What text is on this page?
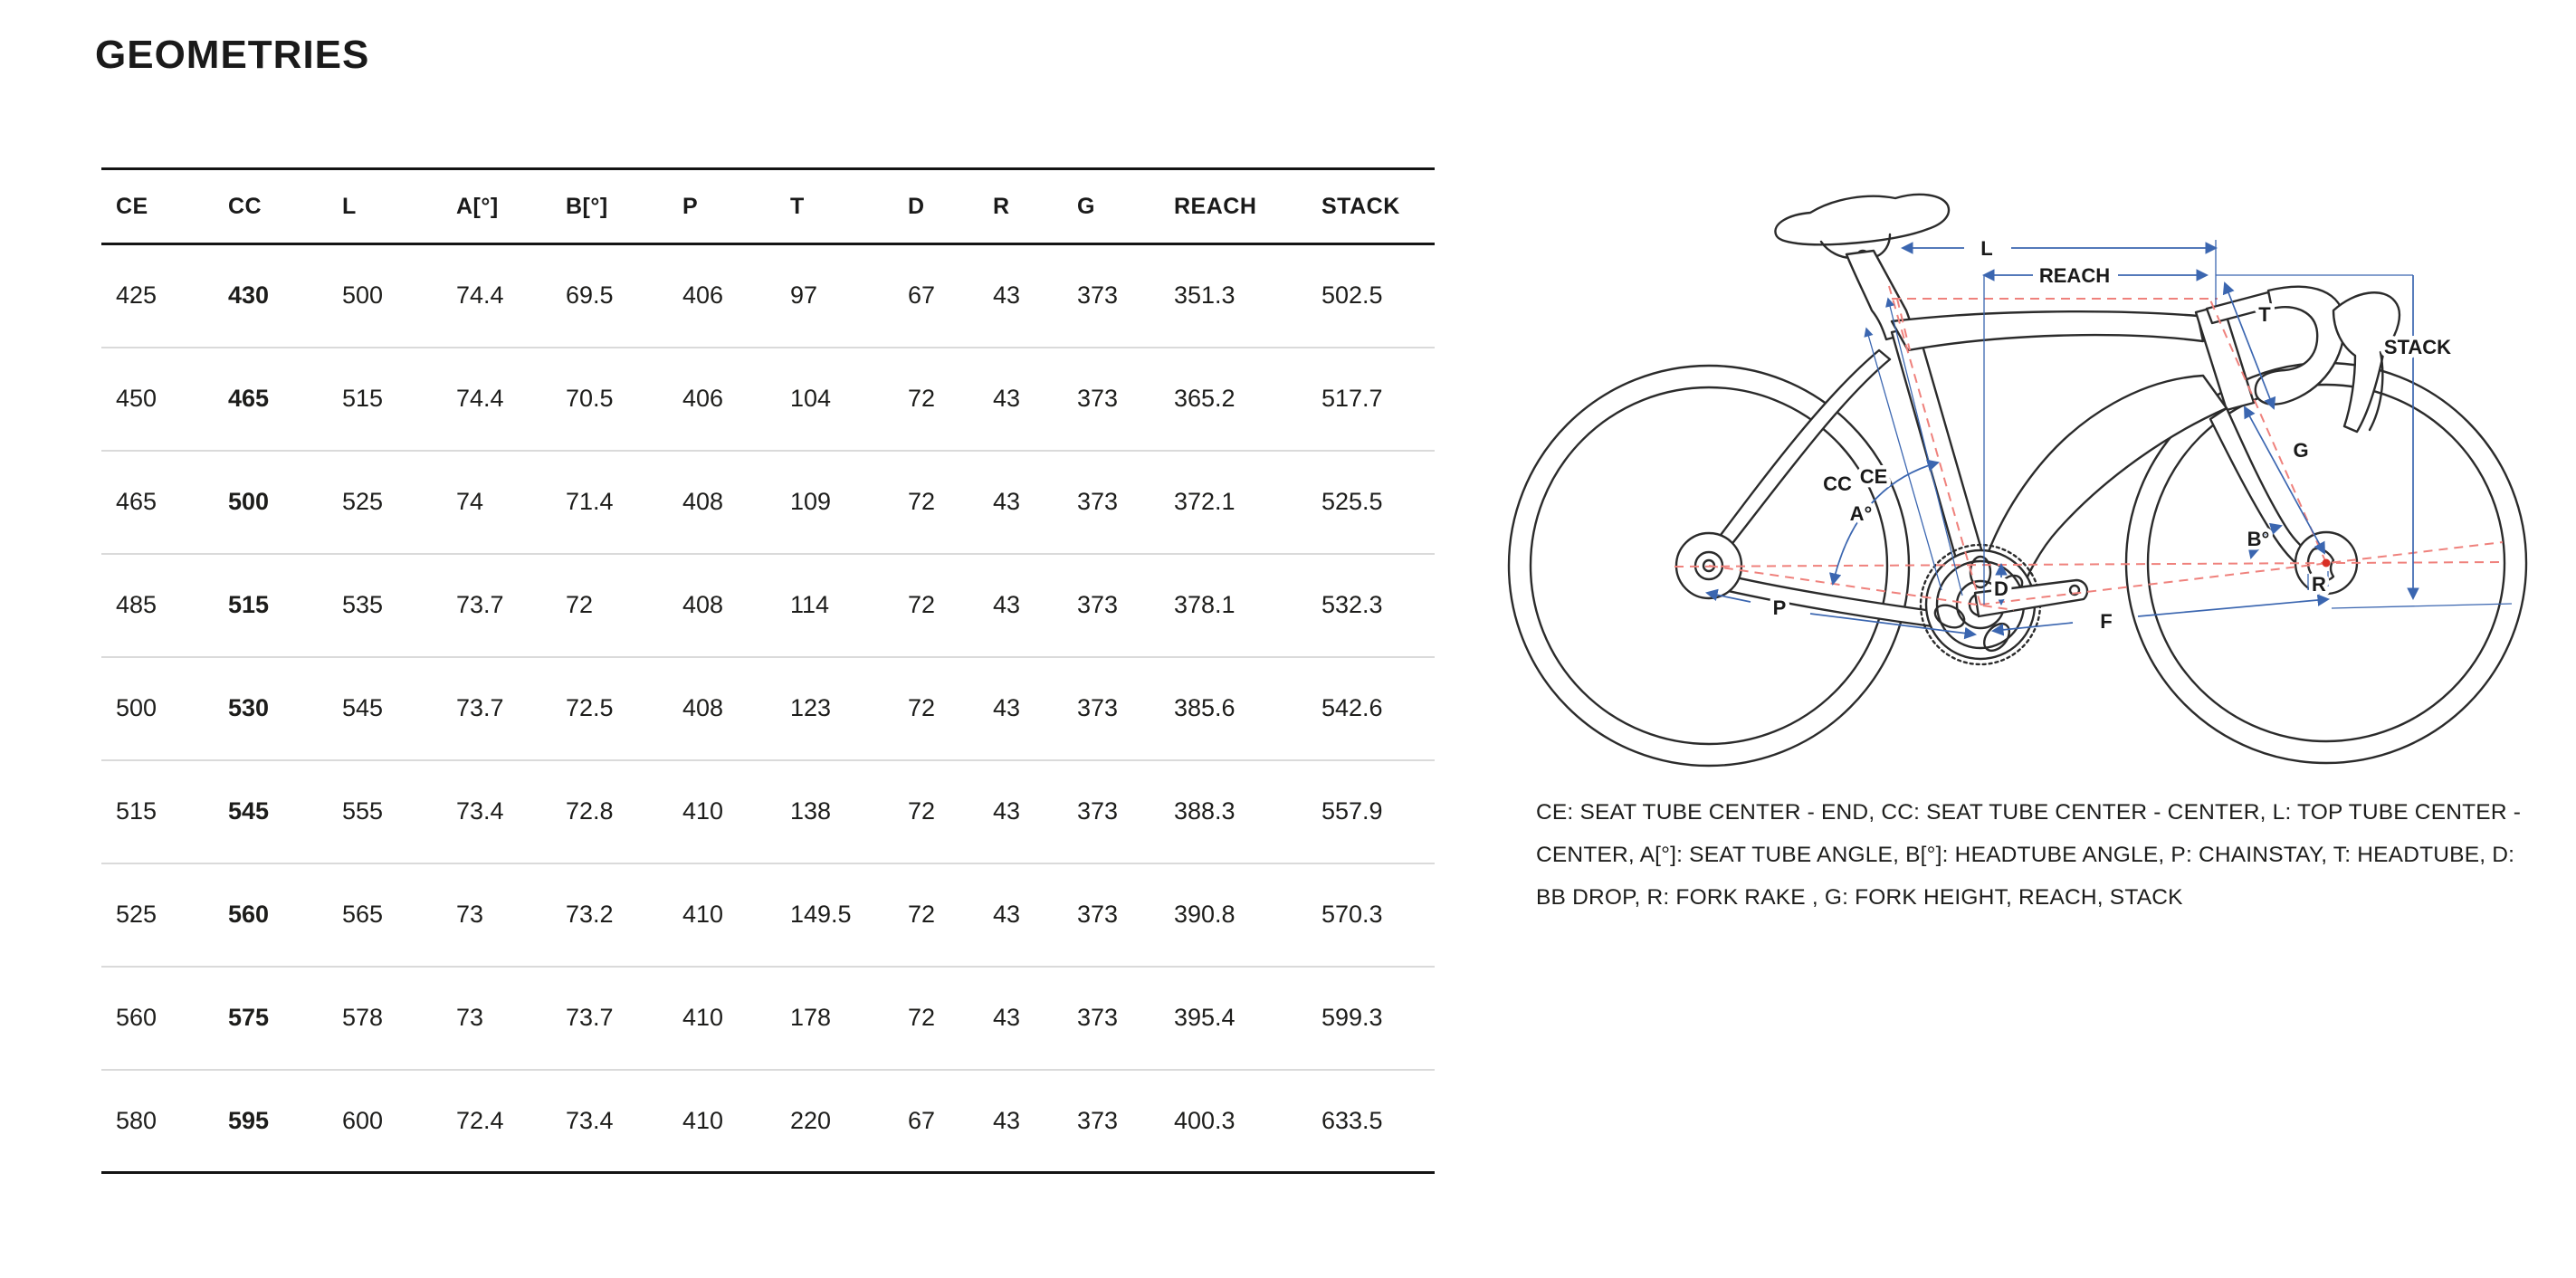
GEOMETRIES
CE	CC	L	A[°]	B[°]	P	T	D	R	G	REACH	STACK
425	430	500	74.4	69.5	406	97	67	43	373	351.3	502.5
450	465	515	74.4	70.5	406	104	72	43	373	365.2	517.7
465	500	525	74	71.4	408	109	72	43	373	372.1	525.5
485	515	535	73.7	72	408	114	72	43	373	378.1	532.3
500	530	545	73.7	72.5	408	123	72	43	373	385.6	542.6
515	545	555	73.4	72.8	410	138	72	43	373	388.3	557.9
525	560	565	73	73.2	410	149.5	72	43	373	390.8	570.3
560	575	578	73	73.7	410	178	72	43	373	395.4	599.3
580	595	600	72.4	73.4	410	220	67	43	373	400.3	633.5
L
REACH
T
STACK
G
B°
R
F
P
D
A°
CC CE
CE: SEAT TUBE CENTER - END, CC: SEAT TUBE CENTER - CENTER, L: TOP TUBE CENTER - CENTER, A[°]: SEAT TUBE ANGLE, B[°]: HEADTUBE ANGLE, P: CHAINSTAY, T: HEADTUBE, D: BB DROP, R: FORK RAKE , G: FORK HEIGHT, REACH, STACK
